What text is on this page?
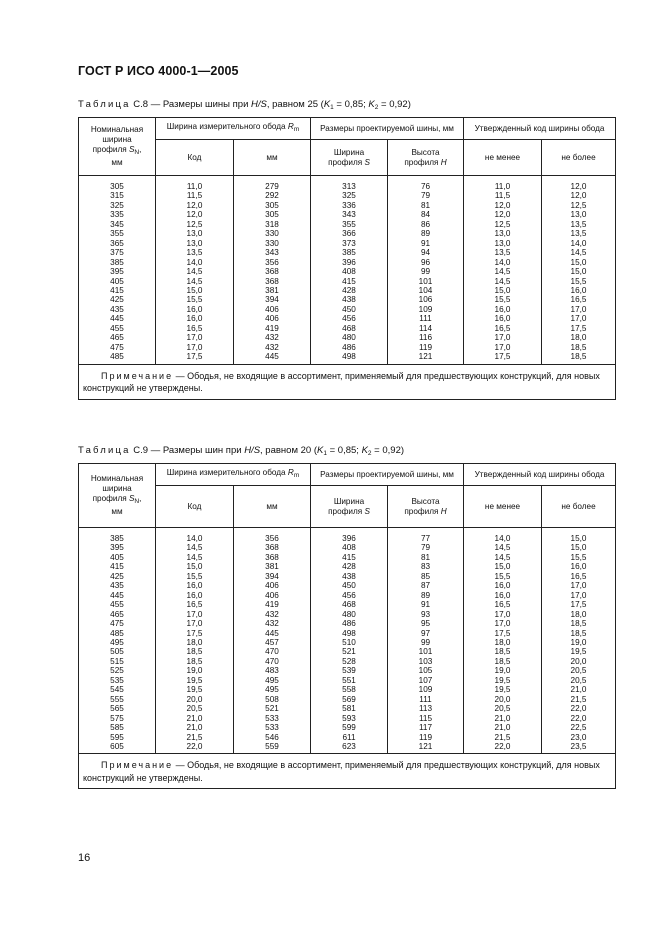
ГОСТ Р ИСО 4000-1—2005
Таблица С.8 — Размеры шины при H/S, равном 25 ($K_1 = 0,85$; $K_2 = 0,92$)
Номинальная
ширина
профиля $S_N$,
мм	Ширина измерительного обода $R_m$		Размеры проектируемой шины, мм		Утвержденный код ширины обода	
	Код	мм	Ширина
профиля S	Высота
профиля H	не менее	не более
305	11,0	279	313	76	11,0	12,0
315	11,5	292	325	79	11,5	12,0
325	12,0	305	336	81	12,0	12,5
335	12,0	305	343	84	12,0	13,0
345	12,5	318	355	86	12,5	13,5
355	13,0	330	366	89	13,0	13,5
365	13,0	330	373	91	13,0	14,0
375	13,5	343	385	94	13,5	14,5
385	14,0	356	396	96	14,0	15,0
395	14,5	368	408	99	14,5	15,0
405	14,5	368	415	101	14,5	15,5
415	15,0	381	428	104	15,0	16,0
425	15,5	394	438	106	15,5	16,5
435	16,0	406	450	109	16,0	17,0
445	16,0	406	456	111	16,0	17,0
455	16,5	419	468	114	16,5	17,5
465	17,0	432	480	116	17,0	18,0
475	17,0	432	486	119	17,0	18,5
485	17,5	445	498	121	17,5	18,5
Примечание — Ободья, не входящие в ассортимент, применяемый для предшествующих конструкций, для новых конструкций не утверждены.						
Таблица С.9 — Размеры шин при H/S, равном 20 ($K_1 = 0,85$; $K_2 = 0,92$)
Номинальная
ширина
профиля $S_N$,
мм	Ширина измерительного обода $R_m$		Размеры проектируемой шины, мм		Утвержденный код ширины обода	
	Код	мм	Ширина
профиля S	Высота
профиля H	не менее	не более
385	14,0	356	396	77	14,0	15,0
395	14,5	368	408	79	14,5	15,0
405	14,5	368	415	81	14,5	15,5
415	15,0	381	428	83	15,0	16,0
425	15,5	394	438	85	15,5	16,5
435	16,0	406	450	87	16,0	17,0
445	16,0	406	456	89	16,0	17,0
455	16,5	419	468	91	16,5	17,5
465	17,0	432	480	93	17,0	18,0
475	17,0	432	486	95	17,0	18,5
485	17,5	445	498	97	17,5	18,5
495	18,0	457	510	99	18,0	19,0
505	18,5	470	521	101	18,5	19,5
515	18,5	470	528	103	18,5	20,0
525	19,0	483	539	105	19,0	20,5
535	19,5	495	551	107	19,5	20,5
545	19,5	495	558	109	19,5	21,0
555	20,0	508	569	111	20,0	21,5
565	20,5	521	581	113	20,5	22,0
575	21,0	533	593	115	21,0	22,0
585	21,0	533	599	117	21,0	22,5
595	21,5	546	611	119	21,5	23,0
605	22,0	559	623	121	22,0	23,5
Примечание — Ободья, не входящие в ассортимент, применяемый для предшествующих конструкций, для новых конструкций не утверждены.						
16
